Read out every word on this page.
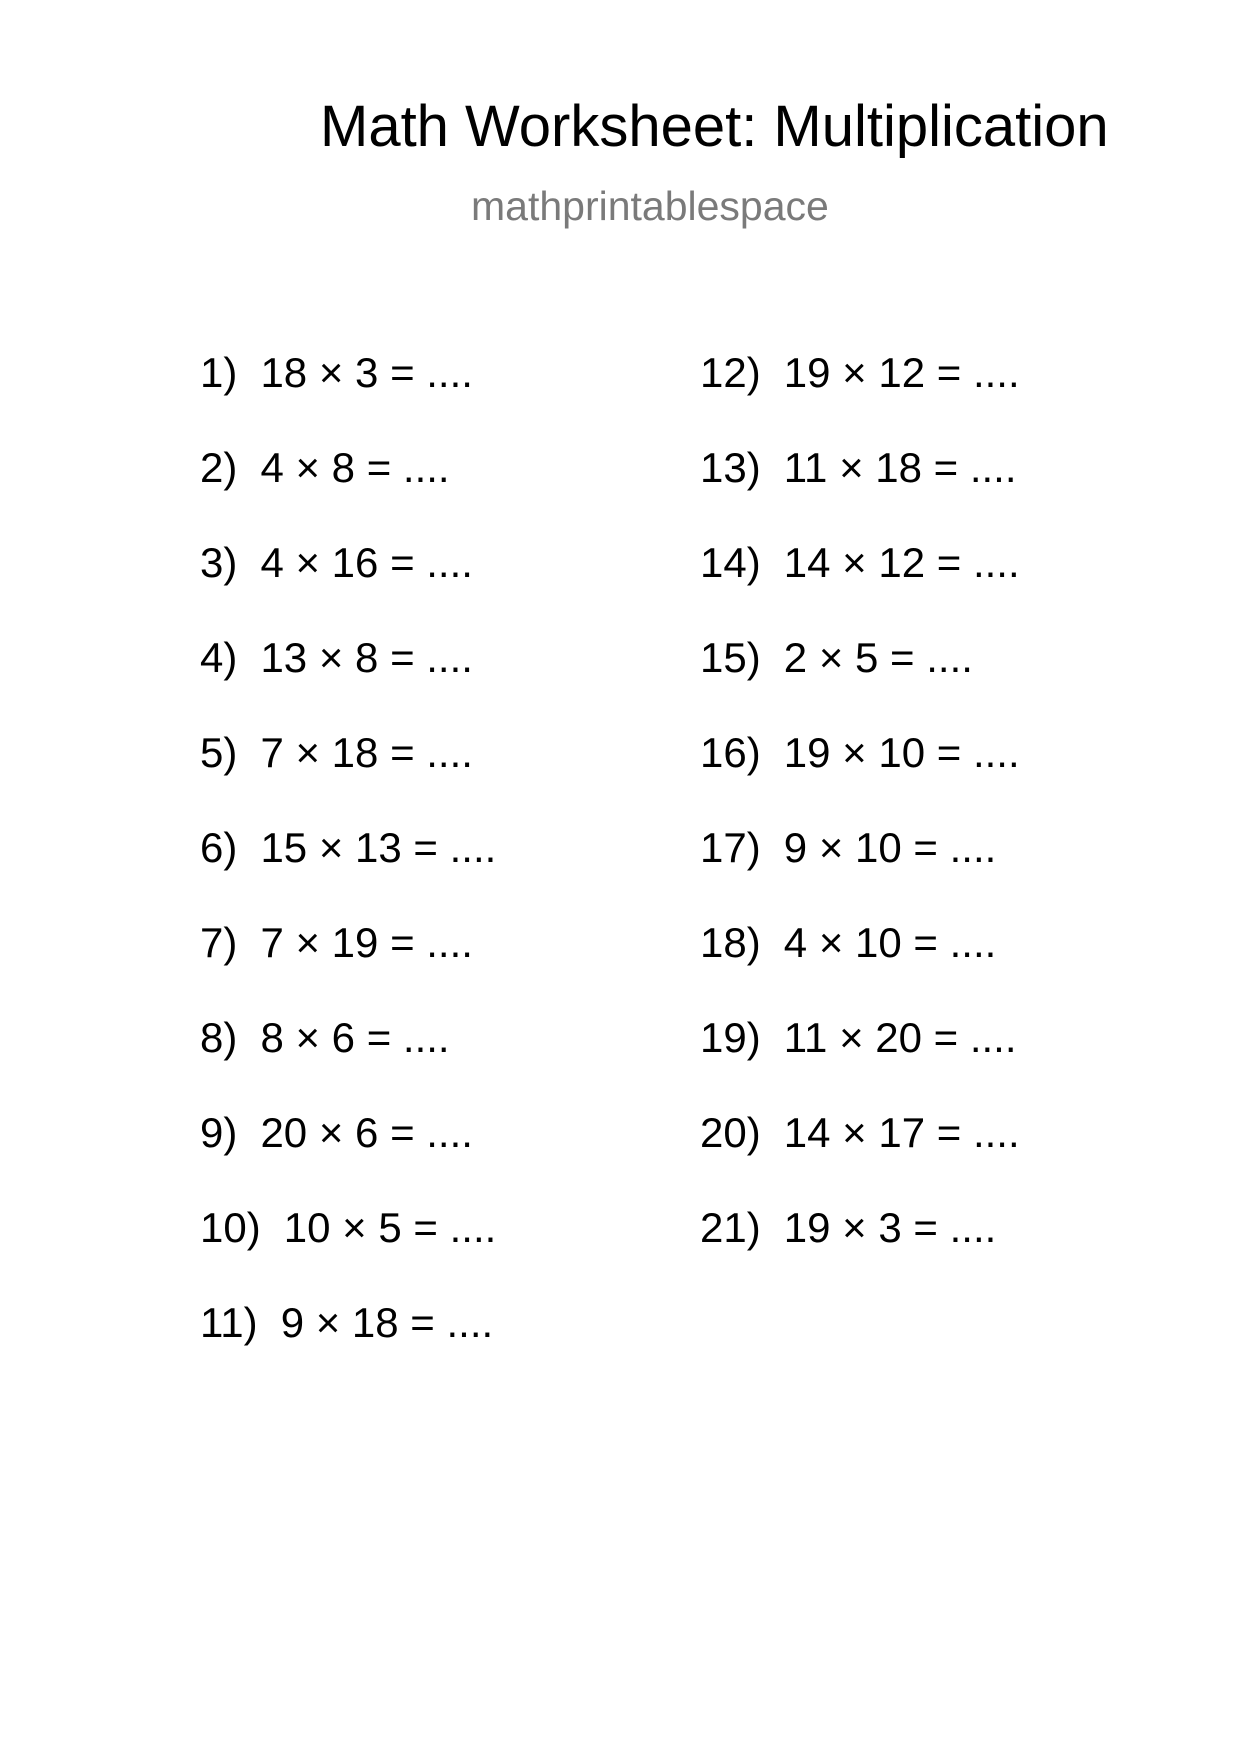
Math Worksheet: Multiplication
mathprintablespace
1) 18 × 3 = ....
2) 4 × 8 = ....
3) 4 × 16 = ....
4) 13 × 8 = ....
5) 7 × 18 = ....
6) 15 × 13 = ....
7) 7 × 19 = ....
8) 8 × 6 = ....
9) 20 × 6 = ....
10) 10 × 5 = ....
11) 9 × 18 = ....
12) 19 × 12 = ....
13) 11 × 18 = ....
14) 14 × 12 = ....
15) 2 × 5 = ....
16) 19 × 10 = ....
17) 9 × 10 = ....
18) 4 × 10 = ....
19) 11 × 20 = ....
20) 14 × 17 = ....
21) 19 × 3 = ....
